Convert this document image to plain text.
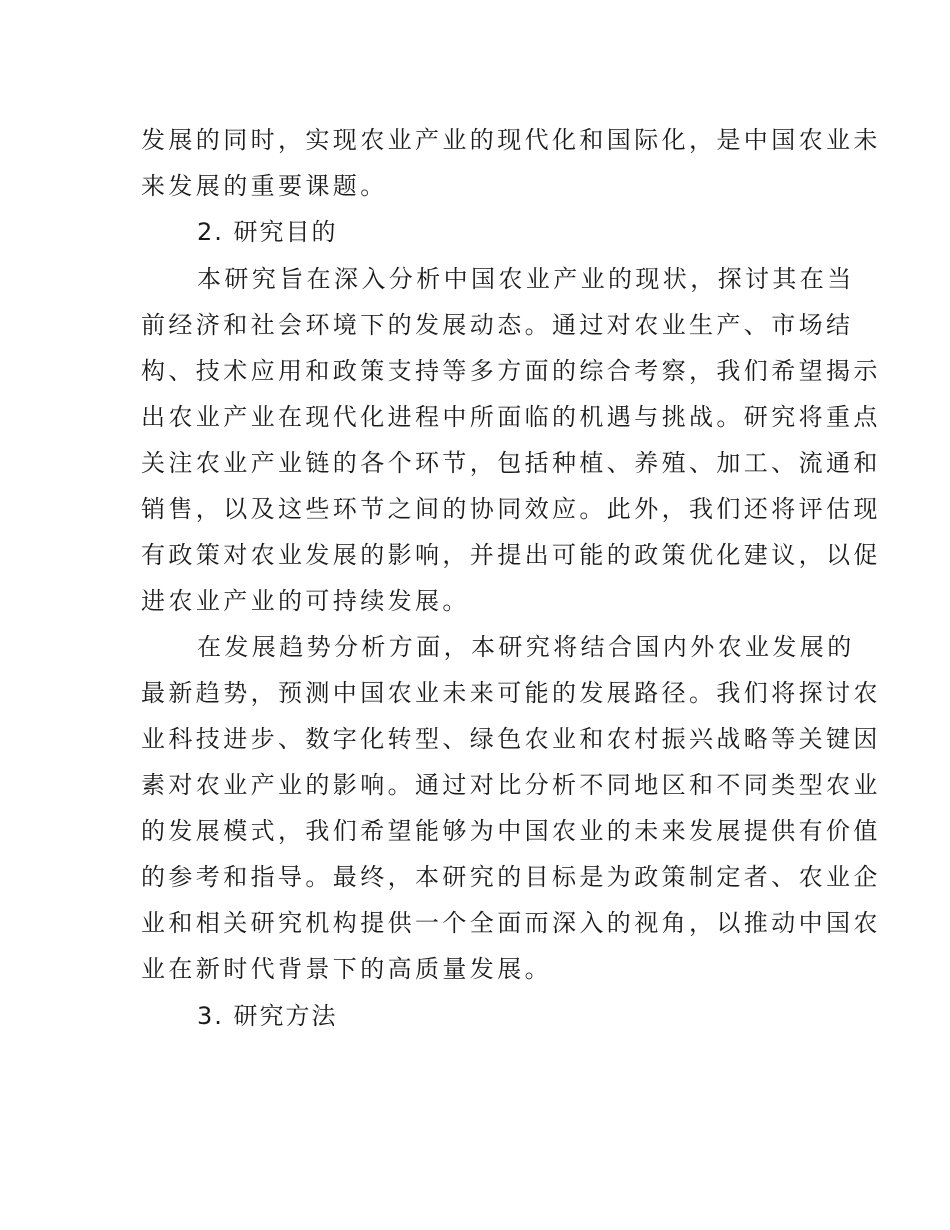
发展的同时，实现农业产业的现代化和国际化，是中国农业未
来发展的重要课题。
2. 研究目的
本研究旨在深入分析中国农业产业的现状，探讨其在当
前经济和社会环境下的发展动态。通过对农业生产、市场结
构、技术应用和政策支持等多方面的综合考察，我们希望揭示
出农业产业在现代化进程中所面临的机遇与挑战。研究将重点
关注农业产业链的各个环节，包括种植、养殖、加工、流通和
销售，以及这些环节之间的协同效应。此外，我们还将评估现
有政策对农业发展的影响，并提出可能的政策优化建议，以促
进农业产业的可持续发展。
在发展趋势分析方面，本研究将结合国内外农业发展的
最新趋势，预测中国农业未来可能的发展路径。我们将探讨农
业科技进步、数字化转型、绿色农业和农村振兴战略等关键因
素对农业产业的影响。通过对比分析不同地区和不同类型农业
的发展模式，我们希望能够为中国农业的未来发展提供有价值
的参考和指导。最终，本研究的目标是为政策制定者、农业企
业和相关研究机构提供一个全面而深入的视角，以推动中国农
业在新时代背景下的高质量发展。
3. 研究方法
